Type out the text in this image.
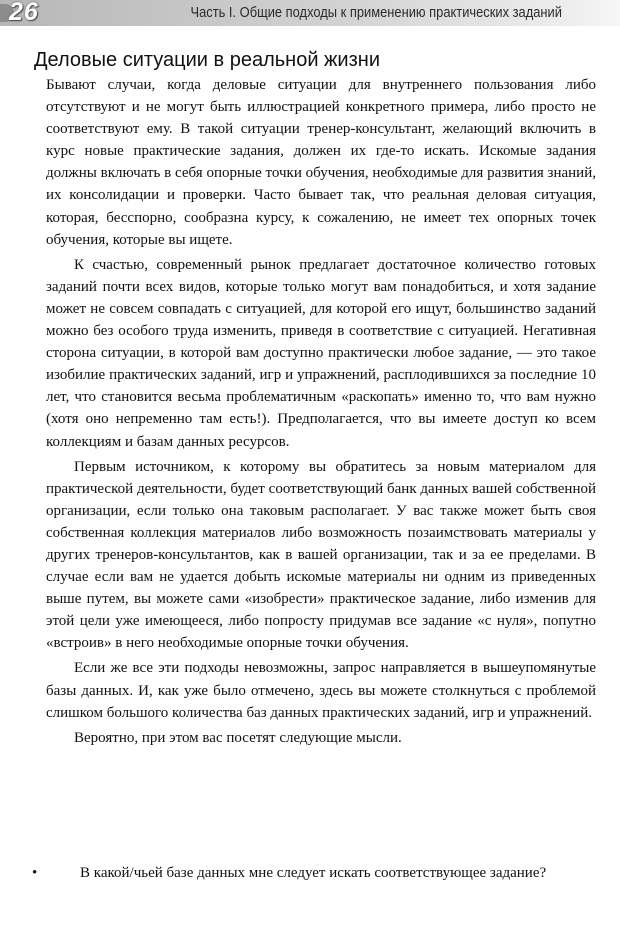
26	Часть I. Общие подходы к применению практических заданий
Деловые ситуации в реальной жизни

Бывают случаи, когда деловые ситуации для внутреннего пользования либо отсутствуют и не могут быть иллюстрацией конкретного примера, либо просто не соответствуют ему. В такой ситуации тренер-консультант, желающий включить в курс новые практические задания, должен их где-то искать. Искомые задания должны включать в себя опорные точки обучения, необходимые для развития знаний, их консолидации и проверки. Часто бывает так, что реальная деловая ситуация, которая, бесспорно, сообразна курсу, к сожалению, не имеет тех опорных точек обучения, которые вы ищете.

К счастью, современный рынок предлагает достаточное количество готовых заданий почти всех видов, которые только могут вам понадобиться, и хотя задание может не совсем совпадать с ситуацией, для которой его ищут, большинство заданий можно без особого труда изменить, приведя в соответствие с ситуацией. Негативная сторона ситуации, в которой вам доступно практически любое задание, — это такое изобилие практических заданий, игр и упражнений, расплодившихся за последние 10 лет, что становится весьма проблематичным «раскопать» именно то, что вам нужно (хотя оно непременно там есть!). Предполагается, что вы имеете доступ ко всем коллекциям и базам данных ресурсов.

Первым источником, к которому вы обратитесь за новым материалом для практической деятельности, будет соответствующий банк данных вашей собственной организации, если только она таковым располагает. У вас также может быть своя собственная коллекция материалов либо возможность позаимствовать материалы у других тренеров-консультантов, как в вашей организации, так и за ее пределами. В случае если вам не удается добыть искомые материалы ни одним из приведенных выше путем, вы можете сами «изобрести» практическое задание, либо изменив для этой цели уже имеющееся, либо попросту придумав все задание «с нуля», попутно «встроив» в него необходимые опорные точки обучения.

Если же все эти подходы невозможны, запрос направляется в вышеупомянутые базы данных. И, как уже было отмечено, здесь вы можете столкнуться с проблемой слишком большого количества баз данных практических заданий, игр и упражнений.

Вероятно, при этом вас посетят следующие мысли.

•	В какой/чьей базе данных мне следует искать соответствующее задание?
